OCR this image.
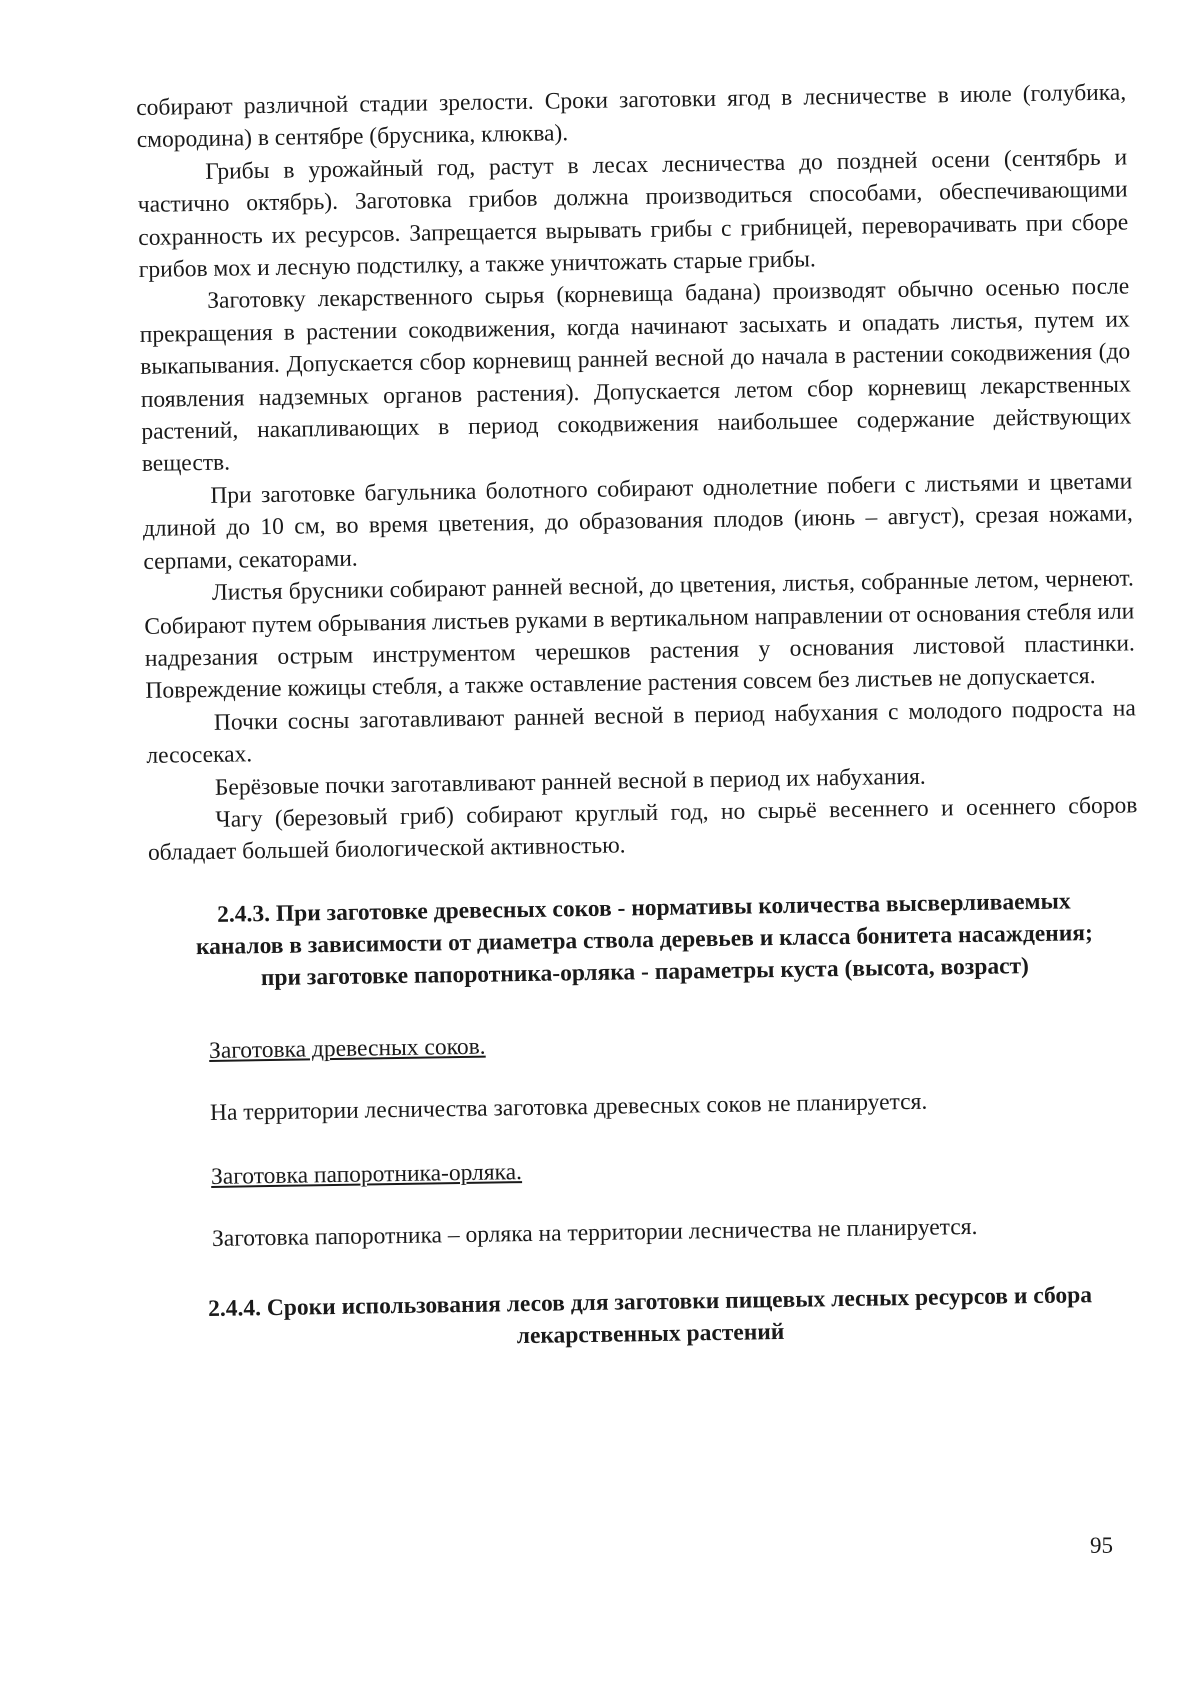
собирают различной стадии зрелости. Сроки заготовки ягод в лесничестве в июле (голубика, смородина) в сентябре (брусника, клюква).

Грибы в урожайный год, растут в лесах лесничества до поздней осени (сентябрь и частично октябрь). Заготовка грибов должна производиться способами, обеспечивающими сохранность их ресурсов. Запрещается вырывать грибы с грибницей, переворачивать при сборе грибов мох и лесную подстилку, а также уничтожать старые грибы.

Заготовку лекарственного сырья (корневища бадана) производят обычно осенью после прекращения в растении сокодвижения, когда начинают засыхать и опадать листья, путем их выкапывания. Допускается сбор корневищ ранней весной до начала в растении сокодвижения (до появления надземных органов растения). Допускается летом сбор корневищ лекарственных растений, накапливающих в период сокодвижения наибольшее содержание действующих веществ.

При заготовке багульника болотного собирают однолетние побеги с листьями и цветами длиной до 10 см, во время цветения, до образования плодов (июнь – август), срезая ножами, серпами, секаторами.

Листья брусники собирают ранней весной, до цветения, листья, собранные летом, чернеют. Собирают путем обрывания листьев руками в вертикальном направлении от основания стебля или надрезания острым инструментом черешков растения у основания листовой пластинки. Повреждение кожицы стебля, а также оставление растения совсем без листьев не допускается.

Почки сосны заготавливают ранней весной в период набухания с молодого подроста на лесосеках.

Берёзовые почки заготавливают ранней весной в период их набухания.

Чагу (березовый гриб) собирают круглый год, но сырьё весеннего и осеннего сборов обладает большей биологической активностью.

2.4.3. При заготовке древесных соков - нормативы количества высверливаемых каналов в зависимости от диаметра ствола деревьев и класса бонитета насаждения; при заготовке папоротника-орляка - параметры куста (высота, возраст)

Заготовка древесных соков.

На территории лесничества заготовка древесных соков не планируется.

Заготовка папоротника-орляка.

Заготовка папоротника – орляка на территории лесничества не планируется.

2.4.4. Сроки использования лесов для заготовки пищевых лесных ресурсов и сбора лекарственных растений

95
